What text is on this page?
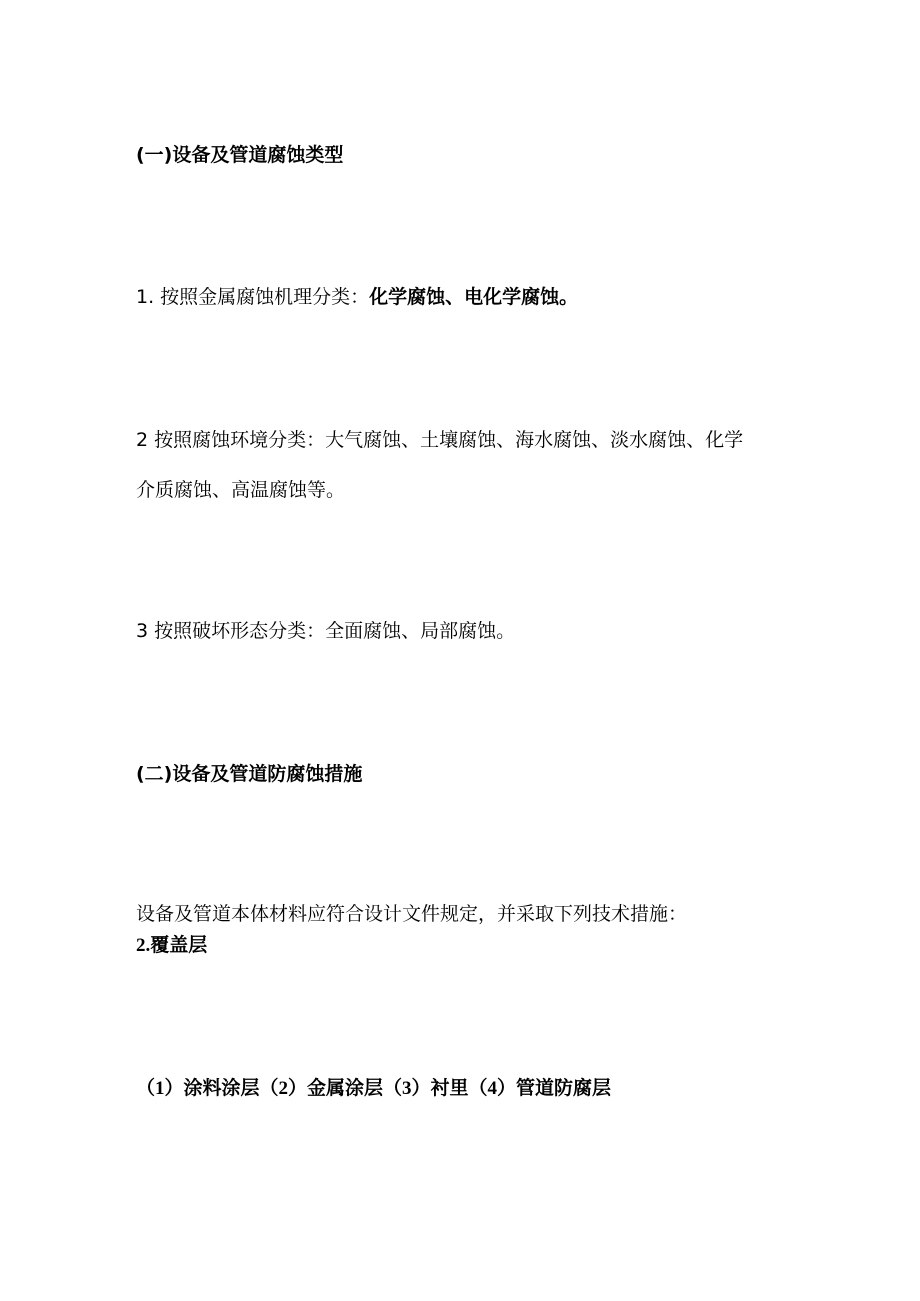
(一)设备及管道腐蚀类型
1. 按照金属腐蚀机理分类：化学腐蚀、电化学腐蚀。
2 按照腐蚀环境分类：大气腐蚀、土壤腐蚀、海水腐蚀、淡水腐蚀、化学
介质腐蚀、高温腐蚀等。
3 按照破坏形态分类：全面腐蚀、局部腐蚀。
(二)设备及管道防腐蚀措施
设备及管道本体材料应符合设计文件规定，并采取下列技术措施：
2.覆盖层
（1）涂料涂层（2）金属涂层（3）衬里（4）管道防腐层
